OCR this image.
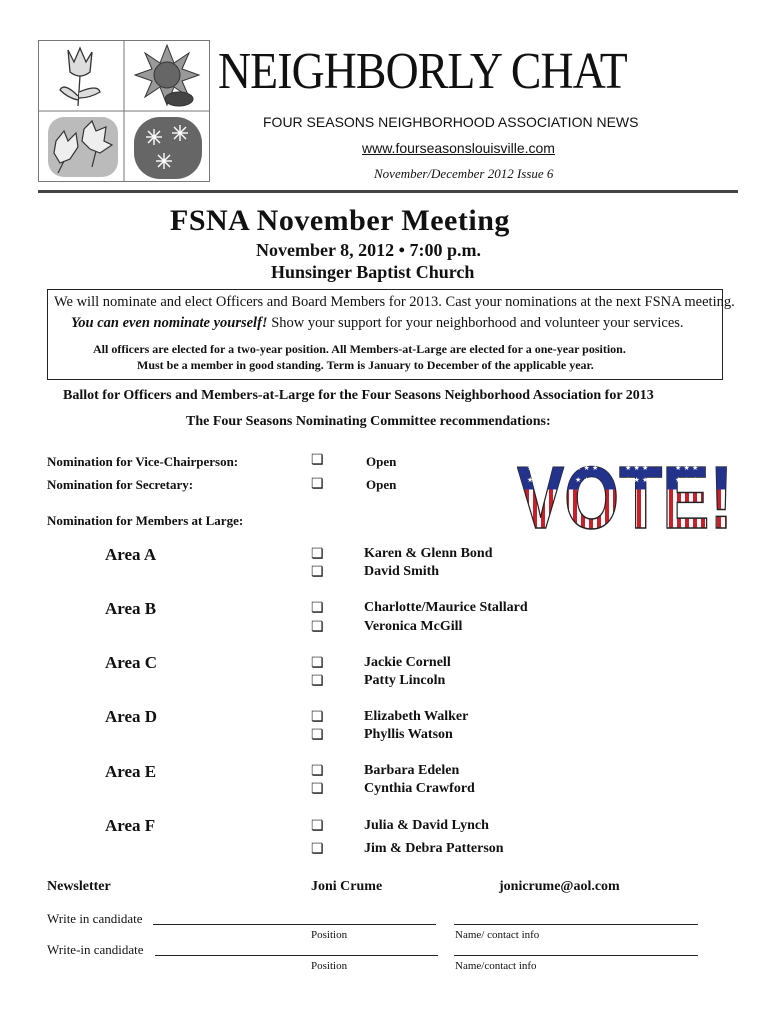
NEIGHBORLY CHAT
FOUR SEASONS NEIGHBORHOOD ASSOCIATION NEWS
www.fourseasonslouisville.com
November/December 2012 Issue 6
FSNA November Meeting
November 8, 2012 • 7:00 p.m.
Hunsinger Baptist Church
We will nominate and elect Officers and Board Members for 2013. Cast your nominations at the next FSNA meeting.
You can even nominate yourself! Show your support for your neighborhood and volunteer your services.
All officers are elected for a two-year position. All Members-at-Large are elected for a one-year position.
Must be a member in good standing. Term is January to December of the applicable year.
Ballot for Officers and Members-at-Large for the Four Seasons Neighborhood Association for 2013
The Four Seasons Nominating Committee recommendations:
Nomination for Vice-Chairperson:	❏	Open
Nomination for Secretary:	❏	Open
Nomination for Members at Large:	VOTE!
VOTE!
★ ★ ★	★ ★ ★	★ ★ ★	★ ★ ★
★ ★ ★	★ ★ ★	★ ★ ★	★ ★ ★
Area A	❏	Karen & Glenn Bond
❏	David Smith
Area B	❏	Charlotte/Maurice Stallard
❏	Veronica McGill
Area C	❏	Jackie Cornell
❏	Patty Lincoln
Area D	❏	Elizabeth Walker
❏	Phyllis Watson
Area E	❏	Barbara Edelen
❏	Cynthia Crawford
Area F	❏	Julia & David Lynch
❏	Jim & Debra Patterson
Newsletter	Joni Crume	jonicrume@aol.com
Write in candidate
Position	Name/ contact info
Write-in candidate
Position	Name/contact info
